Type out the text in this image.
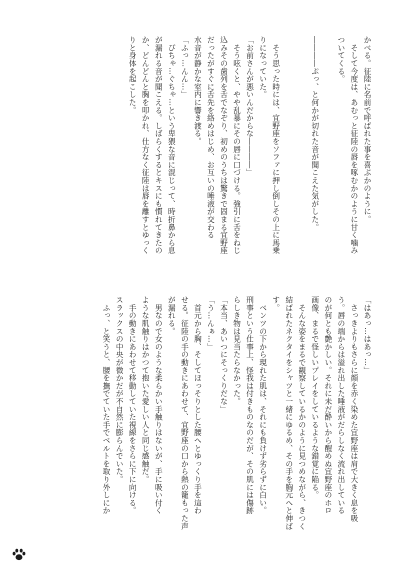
かべる。征陸に名前で呼ばれた事を喜ぶかのように。
　そして今度は、あむっと征陸の唇を啄むかのように甘く噛み
ついてくる。
――――ぷっ、と何かが切れた音が聞こえた気がした。
　そう思った時には、宜野座をソファに押し倒しその上に馬乗
りになっていた。
「お前さんが悪いんだからな――――」
　そう呟くと、やや乱暴にその唇に口づける。強引に舌をねじ
込みその歯列を舌でなぞり、初めのうちは驚きで固まる宜野座
だったがすぐに舌先を絡めはじめ、お互いの唾液が交わる
水音が静かな室内に響き渡る。
「ふっ…んん…」
　ぴちゃ…ぐちゃ…という卑猥な音に混じって、時折鼻から息
が漏れる音が聞こえる。しばらくするとキスにも慣れてきたの
か、どんどんと胸を叩かれ、仕方なく征陸は唇を離すとゆっく
りと身体を起こした。
「はあっ…はあっ…」
　さっきよりもさらに顔を赤く染めた宜野座は肩で大きく息を吸
う。唇の端からは溢れ出した唾液がだらしなく流れ出している
のが何とも艶かしい。それに未だ酔いから醒めぬ宜野座のホロ
画像、まるで怪しいプレイをしているような錯覚に陥る。
　そんな姿をまるで観察しているかのように見つめながら、きつく
結ばれたネクタイをシャツと一緒にゆるめ、その手を胸元へと伸ばす。
　ベンツの下から現れた肌は、それにも負けず劣らずに白い。
刑事という仕事上、怪我は付きものなのだが、その肌には傷跡
らしき物は見当たらなかった。
「本当、あいつにそっくりだな」
「う…んぁ…」
　首元から胸、そしてほっそりとした腰へとゆっくり手を這わ
せる。征陸の手の動きにあわせて、宜野座の口から熱の籠もった声
が漏れる。
　男なので女のような柔らかい手触りはないが、手に吸い付く
ような肌触りはかつて抱いた愛しい人と同じ感触だ。
　手の動きにあわせて移動していた視線をさらに下に向ける。
スラックスの中央が微かだが不自然に膨らんでいた。
　ふっ、と笑うと、腰を撫でていた手でベルトを取り外しにか
